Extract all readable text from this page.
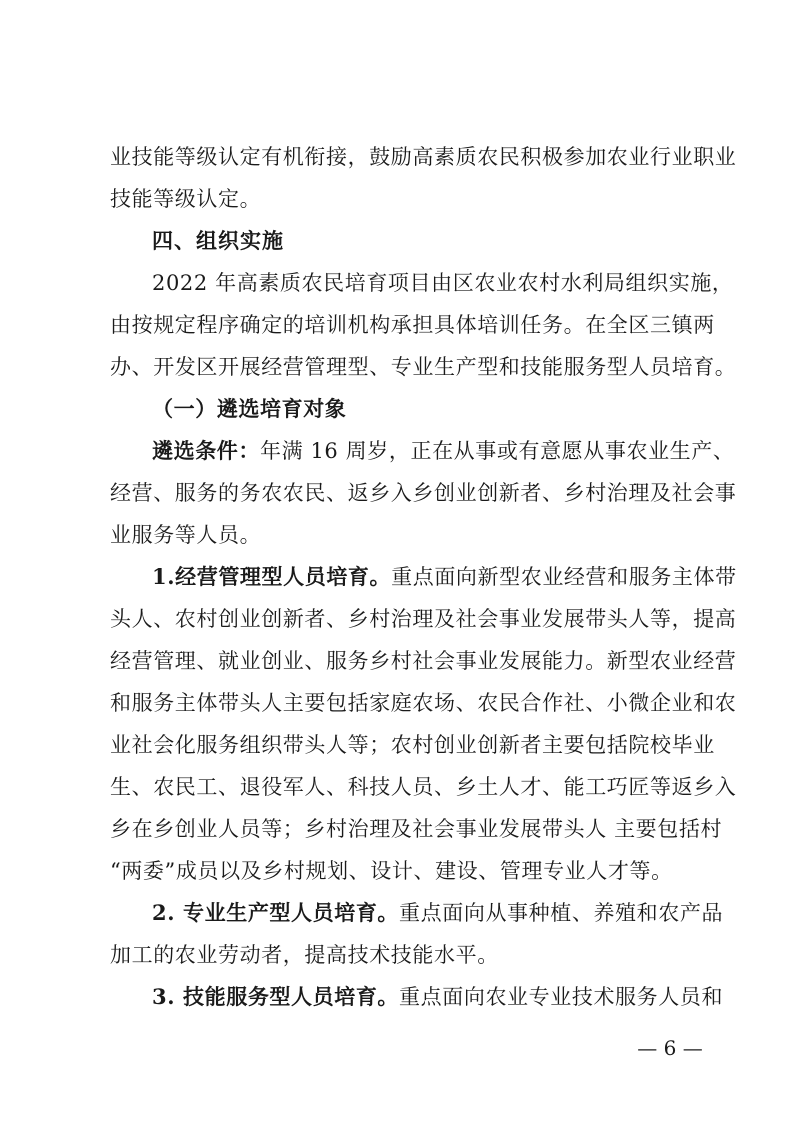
业技能等级认定有机衔接，鼓励高素质农民积极参加农业行业职业
技能等级认定。
四、组织实施
2022 年高素质农民培育项目由区农业农村水利局组织实施，
由按规定程序确定的培训机构承担具体培训任务。在全区三镇两
办、开发区开展经营管理型、专业生产型和技能服务型人员培育。
（一）遴选培育对象
遴选条件：年满 16 周岁，正在从事或有意愿从事农业生产、
经营、服务的务农农民、返乡入乡创业创新者、乡村治理及社会事
业服务等人员。
1.经营管理型人员培育。重点面向新型农业经营和服务主体带
头人、农村创业创新者、乡村治理及社会事业发展带头人等，提高
经营管理、就业创业、服务乡村社会事业发展能力。新型农业经营
和服务主体带头人主要包括家庭农场、农民合作社、小微企业和农
业社会化服务组织带头人等；农村创业创新者主要包括院校毕业
生、农民工、退役军人、科技人员、乡土人才、能工巧匠等返乡入
乡在乡创业人员等；乡村治理及社会事业发展带头人 主要包括村
“两委”成员以及乡村规划、设计、建设、管理专业人才等。
2. 专业生产型人员培育。重点面向从事种植、养殖和农产品
加工的农业劳动者，提高技术技能水平。
3. 技能服务型人员培育。重点面向农业专业技术服务人员和
— 6 —
